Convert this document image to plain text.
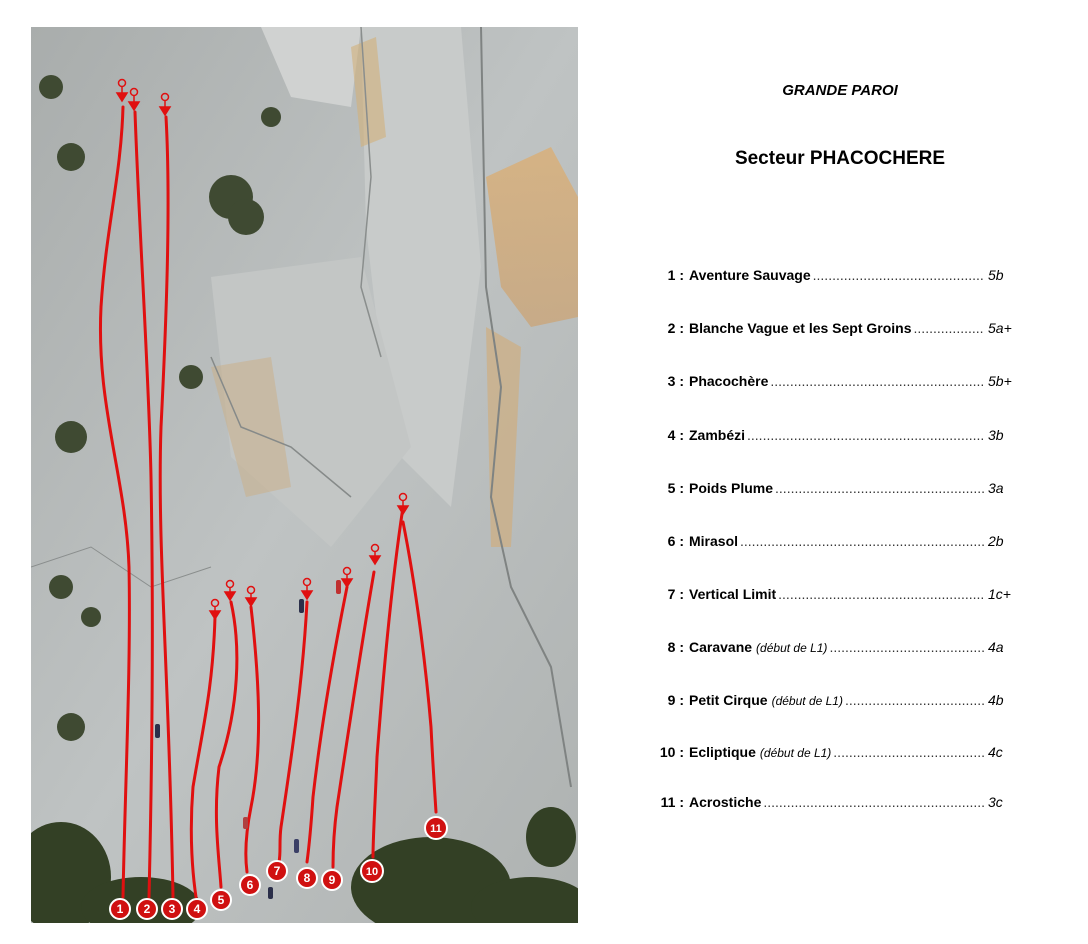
1 2 3 4
5
6
7 8 9
10
11
GRANDE PAROI
Secteur PHACOCHERE
1 : Aventure Sauvage .....	5b
2 : Blanche Vague et les Sept Groins .....	5a+
3 : Phacochère .....	5b+
4 : Zambézi .....	3b
5 : Poids Plume .....	3a
6 : Mirasol .....	2b
7 : Vertical Limit .....	1c+
8 : Caravane (début de L1) .....	4a
9 : Petit Cirque (début de L1) .....	4b
10 : Ecliptique (début de L1) .....	4c
11 : Acrostiche .....	3c
